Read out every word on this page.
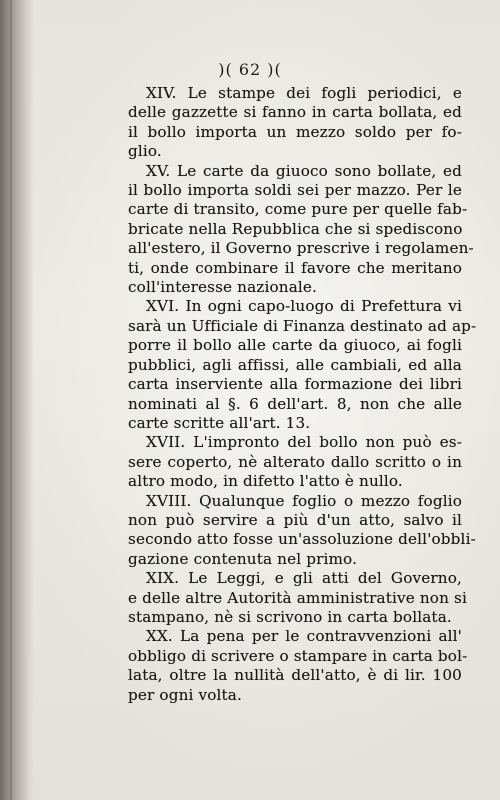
)( 62 )(
XIV. Le stampe dei fogli periodici, e
delle gazzette si fanno in carta bollata, ed
il bollo importa un mezzo soldo per fo-
glio.
XV. Le carte da giuoco sono bollate, ed
il bollo importa soldi sei per mazzo. Per le
carte di transito, come pure per quelle fab-
bricate nella Repubblica che si spediscono
all'estero, il Governo prescrive i regolamen-
ti, onde combinare il favore che meritano
coll'interesse nazionale.
XVI. In ogni capo-luogo di Prefettura vi
sarà un Ufficiale di Finanza destinato ad ap-
porre il bollo alle carte da giuoco, ai fogli
pubblici, agli affissi, alle cambiali, ed alla
carta inserviente alla formazione dei libri
nominati al §. 6 dell'art. 8, non che alle
carte scritte all'art. 13.
XVII. L'impronto del bollo non può es-
sere coperto, nè alterato dallo scritto o in
altro modo, in difetto l'atto è nullo.
XVIII. Qualunque foglio o mezzo foglio
non può servire a più d'un atto, salvo il
secondo atto fosse un'assoluzione dell'obbli-
gazione contenuta nel primo.
XIX. Le Leggi, e gli atti del Governo,
e delle altre Autorità amministrative non si
stampano, nè si scrivono in carta bollata.
XX. La pena per le contravvenzioni all'
obbligo di scrivere o stampare in carta bol-
lata, oltre la nullità dell'atto, è di lir. 100
per ogni volta.
